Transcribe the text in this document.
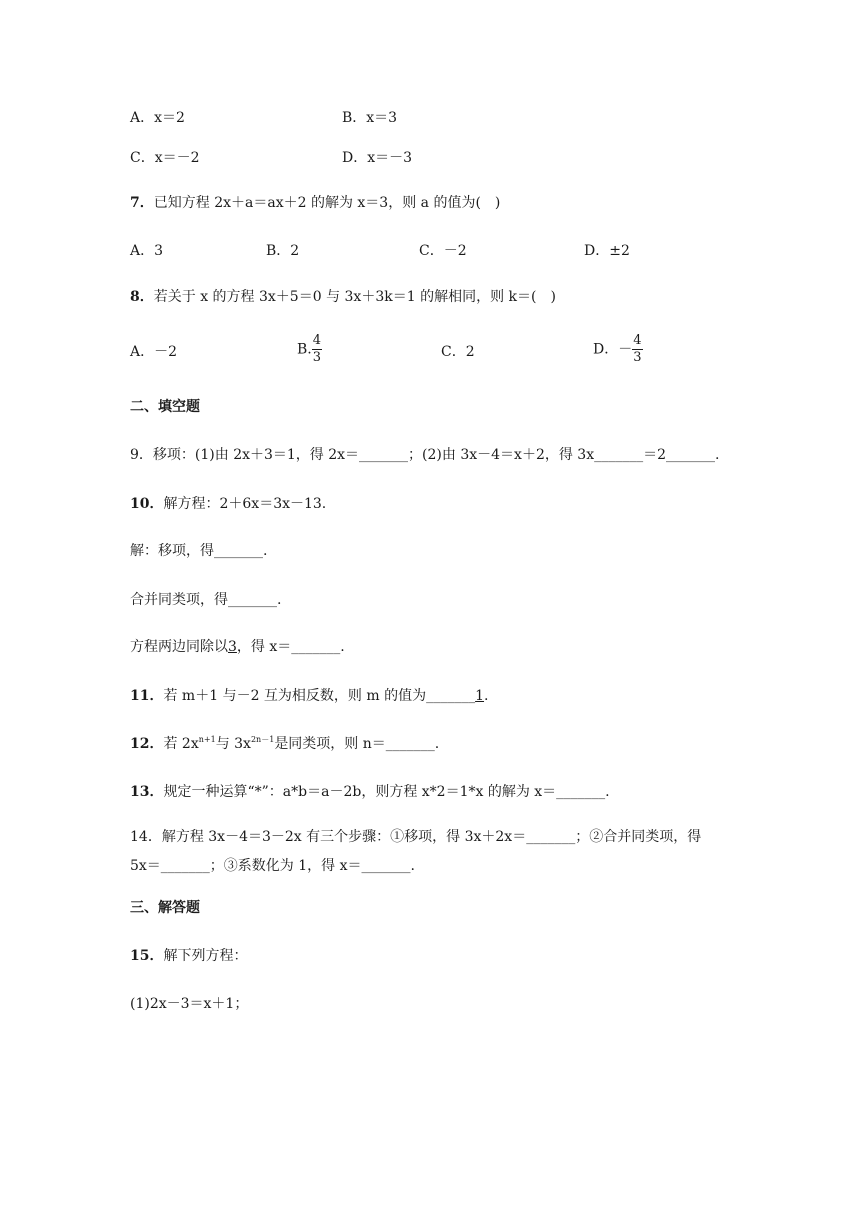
A．x＝2	B．x＝3
C．x＝－2	D．x＝－3
7．已知方程 2x＋a＝ax＋2 的解为 x＝3，则 a 的值为(　)
A．3	B．2	C．－2	D．±2
8．若关于 x 的方程 3x＋5＝0 与 3x＋3k＝1 的解相同，则 k＝(　)
A．－2	B. $\frac{4}{3}$	C．2	D．－ $\frac{4}{3}$
二、填空题
9．移项：(1)由 2x＋3＝1，得 2x＝_______；(2)由 3x－4＝x＋2，得 3x_______＝2_______.
10．解方程：2＋6x＝3x－13.
解：移项，得_______.
合并同类项，得_______.
方程两边同除以3，得 x＝_______.
11．若 m＋1 与－2 互为相反数，则 m 的值为_______1.
12．若 $2x^{n+1}$与 $3x^{2n-1}$是同类项，则 n＝_______.
13．规定一种运算“*”：a*b＝a－2b，则方程 x*2＝1*x 的解为 x＝_______.
14．解方程 3x－4＝3－2x 有三个步骤：①移项，得 3x＋2x＝_______；②合并同类项，得
5x＝_______；③系数化为 1，得 x＝_______.
三、解答题
15．解下列方程：
(1)2x－3＝x＋1；
